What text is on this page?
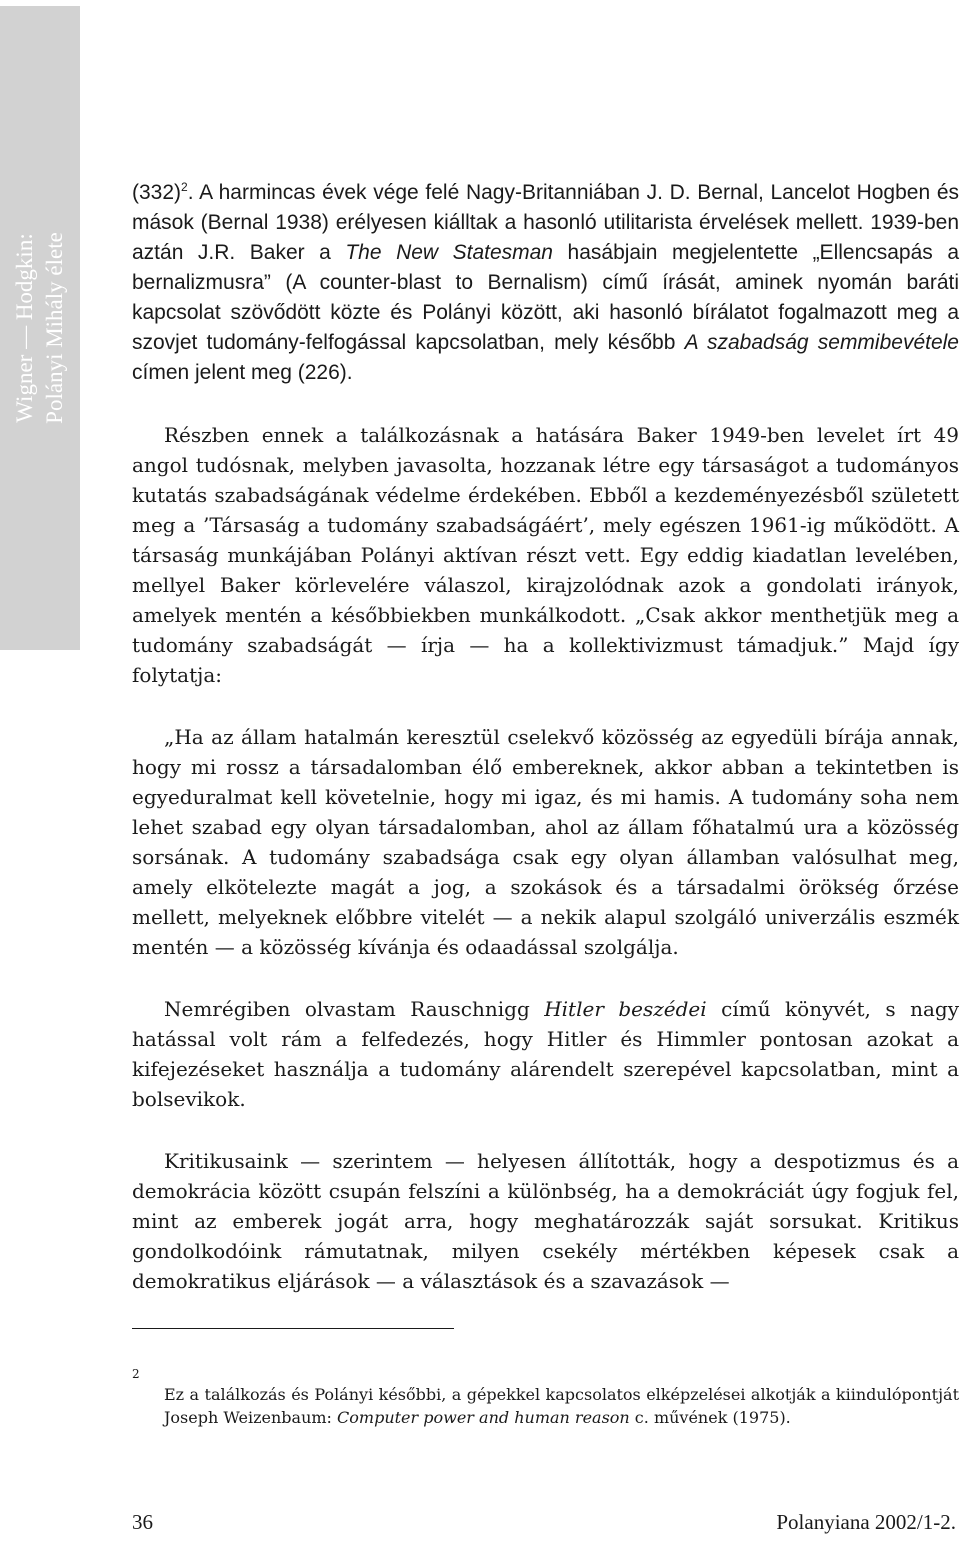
Wigner — Hodgkin: Polányi Mihály élete

$(332)^2$. A harmincas évek vége felé Nagy-Britanniában J. D. Bernal, Lancelot Hogben és mások (Bernal 1938) erélyesen kiálltak a hasonló utilitarista érvelések mellett. 1939-ben aztán J.R. Baker a The New Statesman hasábjain megjelentette „Ellencsapás a bernalizmusra” (A counter-blast to Bernalism) című írását, aminek nyomán baráti kapcsolat szövődött közte és Polányi között, aki hasonló bírálatot fogalmazott meg a szovjet tudomány-felfogással kapcsolatban, mely később A szabadság semmibevétele címen jelent meg (226).

Részben ennek a találkozásnak a hatására Baker 1949-ben levelet írt 49 angol tudósnak, melyben javasolta, hozzanak létre egy társaságot a tudományos kutatás szabadságának védelme érdekében. Ebből a kezdeményezésből született meg a ’Társaság a tudomány szabadságáért’, mely egészen 1961-ig működött. A társaság munkájában Polányi aktívan részt vett. Egy eddig kiadatlan levelében, mellyel Baker körlevelére válaszol, kirajzolódnak azok a gondolati irányok, amelyek mentén a későbbiekben munkálkodott. „Csak akkor menthetjük meg a tudomány szabadságát — írja — ha a kollektivizmust támadjuk.” Majd így folytatja:

„Ha az állam hatalmán keresztül cselekvő közösség az egyedüli bírája annak, hogy mi rossz a társadalomban élő embereknek, akkor abban a tekintetben is egyeduralmat kell követelnie, hogy mi igaz, és mi hamis. A tudomány soha nem lehet szabad egy olyan társadalomban, ahol az állam főhatalmú ura a közösség sorsának. A tudomány szabadsága csak egy olyan államban valósulhat meg, amely elkötelezte magát a jog, a szokások és a társadalmi örökség őrzése mellett, melyeknek előbbre vitelét — a nekik alapul szolgáló univerzális eszmék mentén — a közösség kívánja és odaadással szolgálja.

Nemrégiben olvastam Rauschnigg Hitler beszédei című könyvét, s nagy hatással volt rám a felfedezés, hogy Hitler és Himmler pontosan azokat a kifejezéseket használja a tudomány alárendelt szerepével kapcsolatban, mint a bolsevikok.

Kritikusaink — szerintem — helyesen állították, hogy a despotizmus és a demokrácia között csupán felszíni a különbség, ha a demokráciát úgy fogjuk fel, mint az emberek jogát arra, hogy meghatározzák saját sorsukat. Kritikus gondolkodóink rámutatnak, milyen csekély mértékben képesek csak a demokratikus eljárások — a választások és a szavazások —

2

Ez a találkozás és Polányi későbbi, a gépekkel kapcsolatos elképzelései alkotják a kiindulópontját Joseph Weizenbaum: Computer power and human reason c. művének (1975).

36	Polanyiana 2002/1-2.
